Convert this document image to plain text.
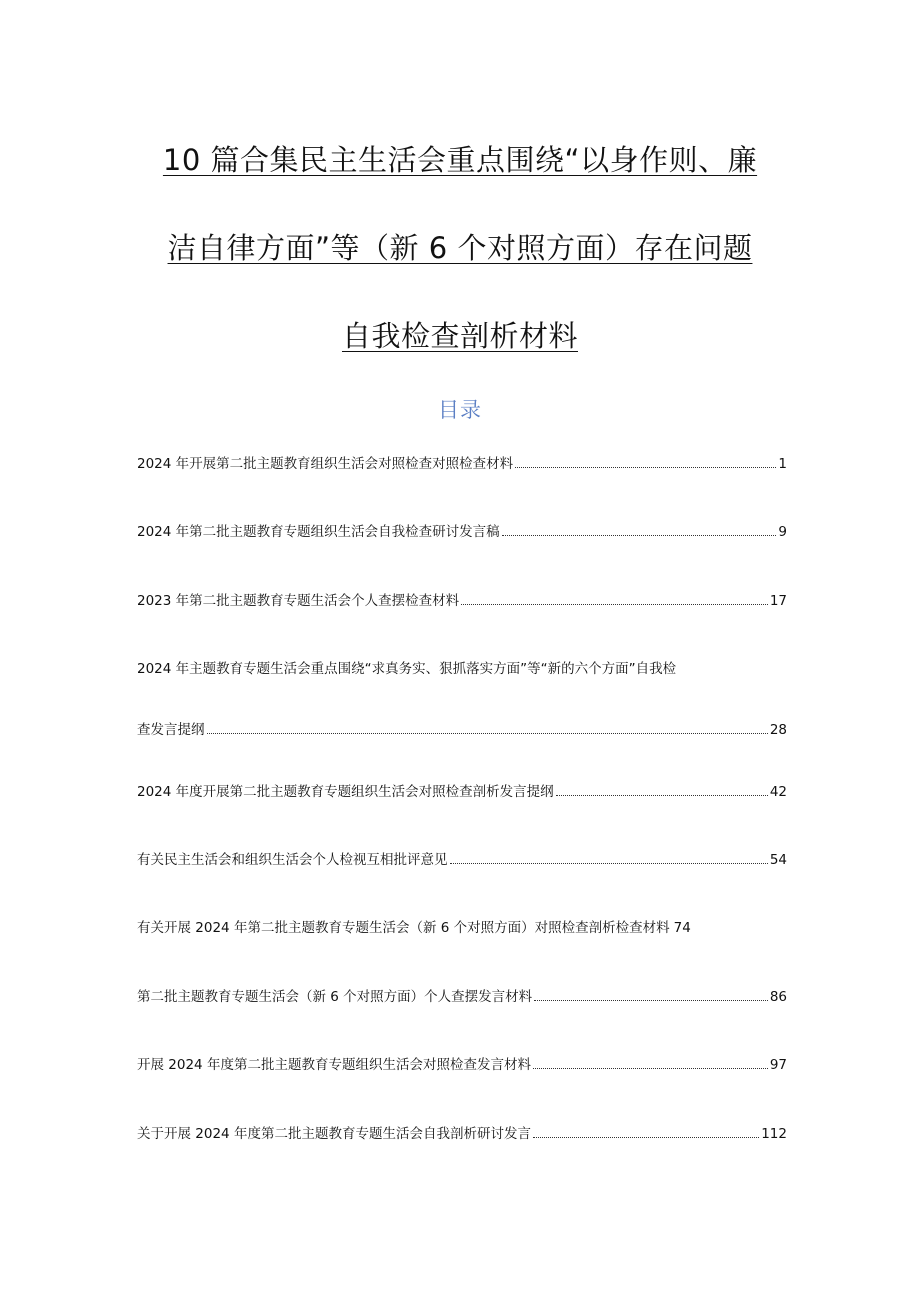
10 篇合集民主生活会重点围绕“以身作则、廉
洁自律方面”等（新 6 个对照方面）存在问题
自我检查剖析材料
目录
2024 年开展第二批主题教育组织生活会对照检查对照检查材料	1
2024 年第二批主题教育专题组织生活会自我检查研讨发言稿	9
2023 年第二批主题教育专题生活会个人查摆检查材料	17
2024 年主题教育专题生活会重点围绕“求真务实、狠抓落实方面”等“新的六个方面”自我检
查发言提纲	28
2024 年度开展第二批主题教育专题组织生活会对照检查剖析发言提纲	42
有关民主生活会和组织生活会个人检视互相批评意见	54
有关开展 2024 年第二批主题教育专题生活会（新 6 个对照方面）对照检查剖析检查材料 74
第二批主题教育专题生活会（新 6 个对照方面）个人查摆发言材料	86
开展 2024 年度第二批主题教育专题组织生活会对照检查发言材料	97
关于开展 2024 年度第二批主题教育专题生活会自我剖析研讨发言	112
